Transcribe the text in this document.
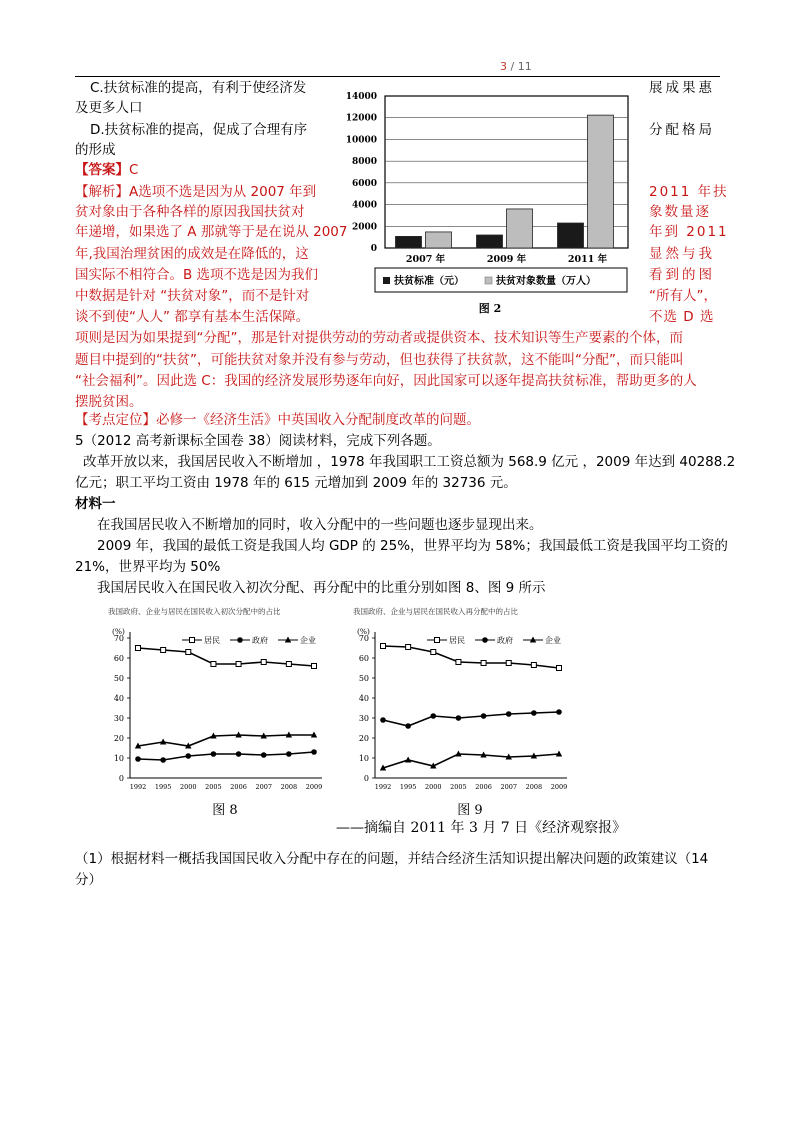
3 / 11
C.扶贫标准的提高，有利于使经济发	展成果惠
及更多人口
D.扶贫标准的提高，促成了合理有序	分配格局
的形成
【答案】C
【解析】A选项不选是因为从 2007 年到	2011 年扶
贫对象由于各种各样的原因我国扶贫对	象数量逐
年递增，如果选了 A 那就等于是在说从 2007	年到 2011
年,我国治理贫困的成效是在降低的，这	显然与我
国实际不相符合。B 选项不选是因为我们	看到的图
中数据是针对 “扶贫对象”，而不是针对	“所有人”，
谈不到使“人人” 都享有基本生活保障。	不选 D 选
0
2000
4000
6000
8000
10000
12000
14000
2007 年	2009 年	2011 年
扶贫标准（元）	扶贫对象数量（万人）
图 2
项则是因为如果提到“分配”，那是针对提供劳动的劳动者或提供资本、技术知识等生产要素的个体，而
题目中提到的“扶贫”，可能扶贫对象并没有参与劳动，但也获得了扶贫款，这不能叫“分配”，而只能叫
“社会福利”。因此选 C：我国的经济发展形势逐年向好，因此国家可以逐年提高扶贫标准，帮助更多的人
摆脱贫困。
【考点定位】必修一《经济生活》中英国收入分配制度改革的问题。
5（2012 高考新课标全国卷 38）阅读材料，完成下列各题。
改革开放以来，我国居民收入不断增加 ，1978 年我国职工工资总额为 568.9 亿元 ，2009 年达到 40288.2
亿元；职工平均工资由 1978 年的 615 元增加到 2009 年的 32736 元。
材料一
在我国居民收入不断增加的同时，收入分配中的一些问题也逐步显现出来。
2009 年，我国的最低工资是我国人均 GDP 的 25%，世界平均为 58%；我国最低工资是我国平均工资的
21%，世界平均为 50%
我国居民收入在国民收入初次分配、再分配中的比重分别如图 8、图 9 所示
我国政府、企业与居民在国民收入初次分配中的占比
(%)
0
10
20
30
40
50
60
70
1992 1995 2000 2005 2006 2007 2008 2009
居民	政府	企业
图 8
我国政府、企业与居民在国民收入再分配中的占比
(%)
0
10
20
30
40
50
60
70
1992 1995 2000 2005 2006 2007 2008 2009
居民	政府	企业
图 9
——摘编自 2011 年 3 月 7 日《经济观察报》
（1）根据材料一概括我国国民收入分配中存在的问题，并结合经济生活知识提出解决问题的政策建议（14
分）
